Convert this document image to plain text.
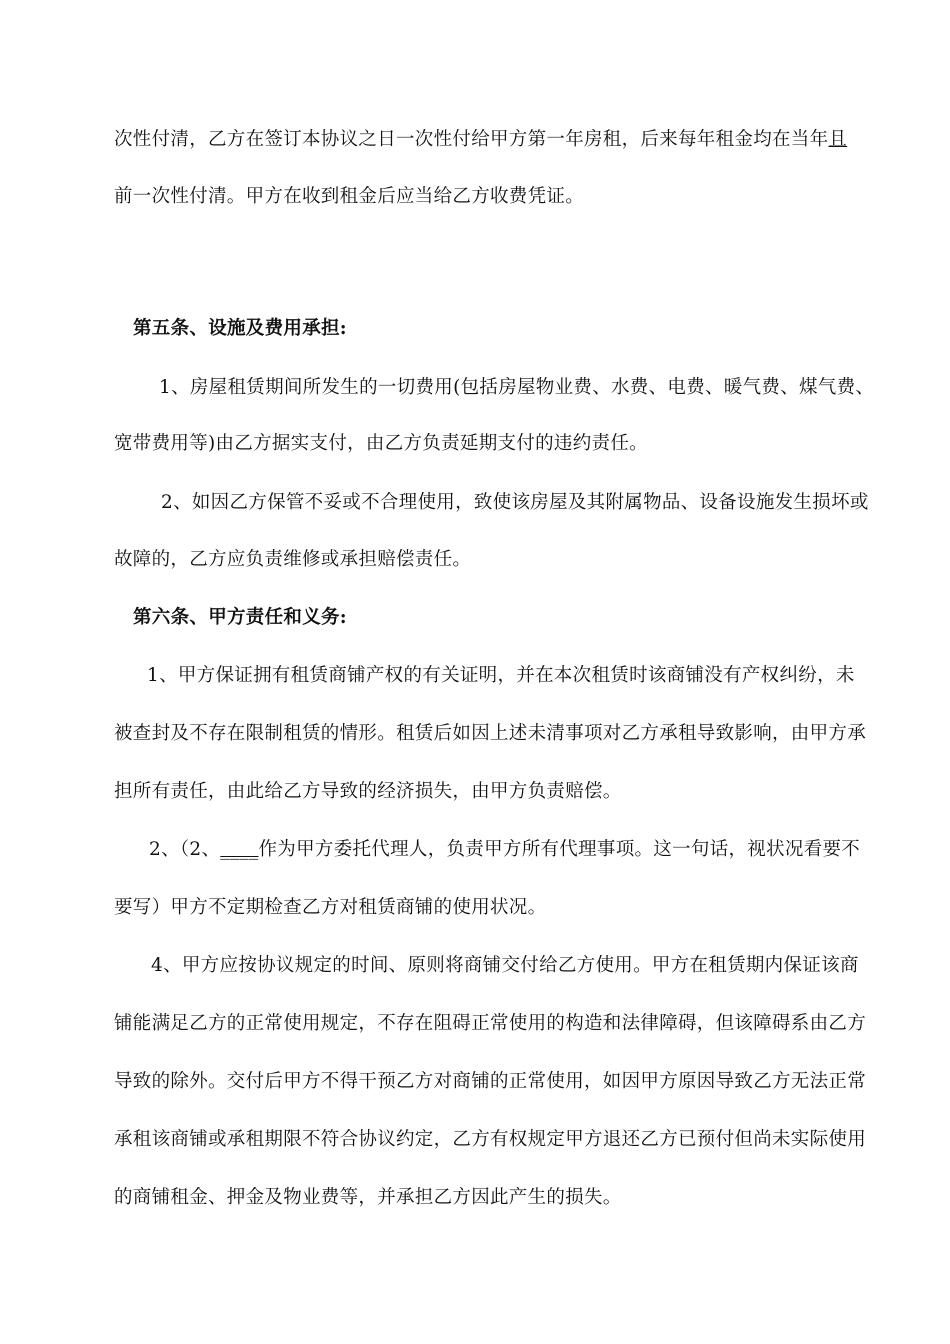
次性付清，乙方在签订本协议之日一次性付给甲方第一年房租，后来每年租金均在当年且
前一次性付清。甲方在收到租金后应当给乙方收费凭证。
第五条、设施及费用承担:
1、房屋租赁期间所发生的一切费用(包括房屋物业费、水费、电费、暖气费、煤气费、
宽带费用等)由乙方据实支付，由乙方负责延期支付的违约责任。
2、如因乙方保管不妥或不合理使用，致使该房屋及其附属物品、设备设施发生损坏或
故障的，乙方应负责维修或承担赔偿责任。
第六条、甲方责任和义务:
1、甲方保证拥有租赁商铺产权的有关证明，并在本次租赁时该商铺没有产权纠纷，未
被查封及不存在限制租赁的情形。租赁后如因上述未清事项对乙方承租导致影响，由甲方承
担所有责任，由此给乙方导致的经济损失，由甲方负责赔偿。
2、（2、____作为甲方委托代理人，负责甲方所有代理事项。这一句话，视状况看要不
要写）甲方不定期检查乙方对租赁商铺的使用状况。
4、甲方应按协议规定的时间、原则将商铺交付给乙方使用。甲方在租赁期内保证该商
铺能满足乙方的正常使用规定，不存在阻碍正常使用的构造和法律障碍，但该障碍系由乙方
导致的除外。交付后甲方不得干预乙方对商铺的正常使用，如因甲方原因导致乙方无法正常
承租该商铺或承租期限不符合协议约定，乙方有权规定甲方退还乙方已预付但尚未实际使用
的商铺租金、押金及物业费等，并承担乙方因此产生的损失。
